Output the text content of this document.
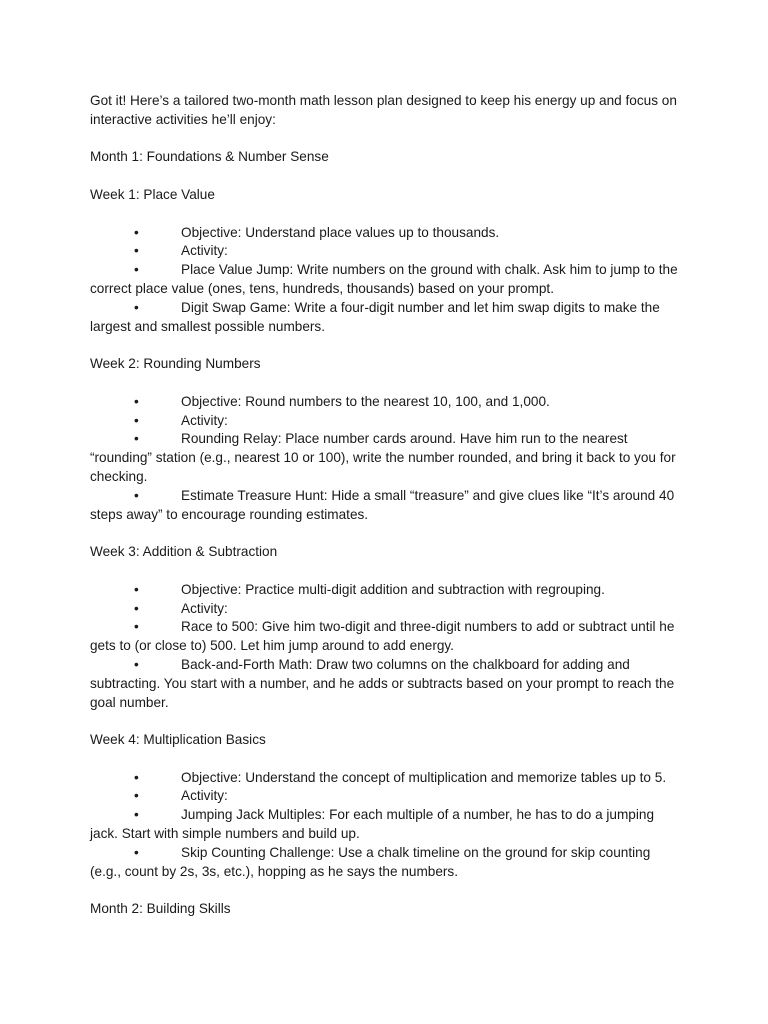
Got it! Here’s a tailored two-month math lesson plan designed to keep his energy up and focus on interactive activities he’ll enjoy:

Month 1: Foundations & Number Sense

Week 1: Place Value

•	Objective: Understand place values up to thousands.

•	Activity:

•	Place Value Jump: Write numbers on the ground with chalk. Ask him to jump to the correct place value (ones, tens, hundreds, thousands) based on your prompt.

•	Digit Swap Game: Write a four-digit number and let him swap digits to make the largest and smallest possible numbers.

Week 2: Rounding Numbers

•	Objective: Round numbers to the nearest 10, 100, and 1,000.

•	Activity:

•	Rounding Relay: Place number cards around. Have him run to the nearest “rounding” station (e.g., nearest 10 or 100), write the number rounded, and bring it back to you for checking.

•	Estimate Treasure Hunt: Hide a small “treasure” and give clues like “It’s around 40 steps away” to encourage rounding estimates.

Week 3: Addition & Subtraction

•	Objective: Practice multi-digit addition and subtraction with regrouping.

•	Activity:

•	Race to 500: Give him two-digit and three-digit numbers to add or subtract until he gets to (or close to) 500. Let him jump around to add energy.

•	Back-and-Forth Math: Draw two columns on the chalkboard for adding and subtracting. You start with a number, and he adds or subtracts based on your prompt to reach the goal number.

Week 4: Multiplication Basics

•	Objective: Understand the concept of multiplication and memorize tables up to 5.

•	Activity:

•	Jumping Jack Multiples: For each multiple of a number, he has to do a jumping jack. Start with simple numbers and build up.

•	Skip Counting Challenge: Use a chalk timeline on the ground for skip counting (e.g., count by 2s, 3s, etc.), hopping as he says the numbers.

Month 2: Building Skills
